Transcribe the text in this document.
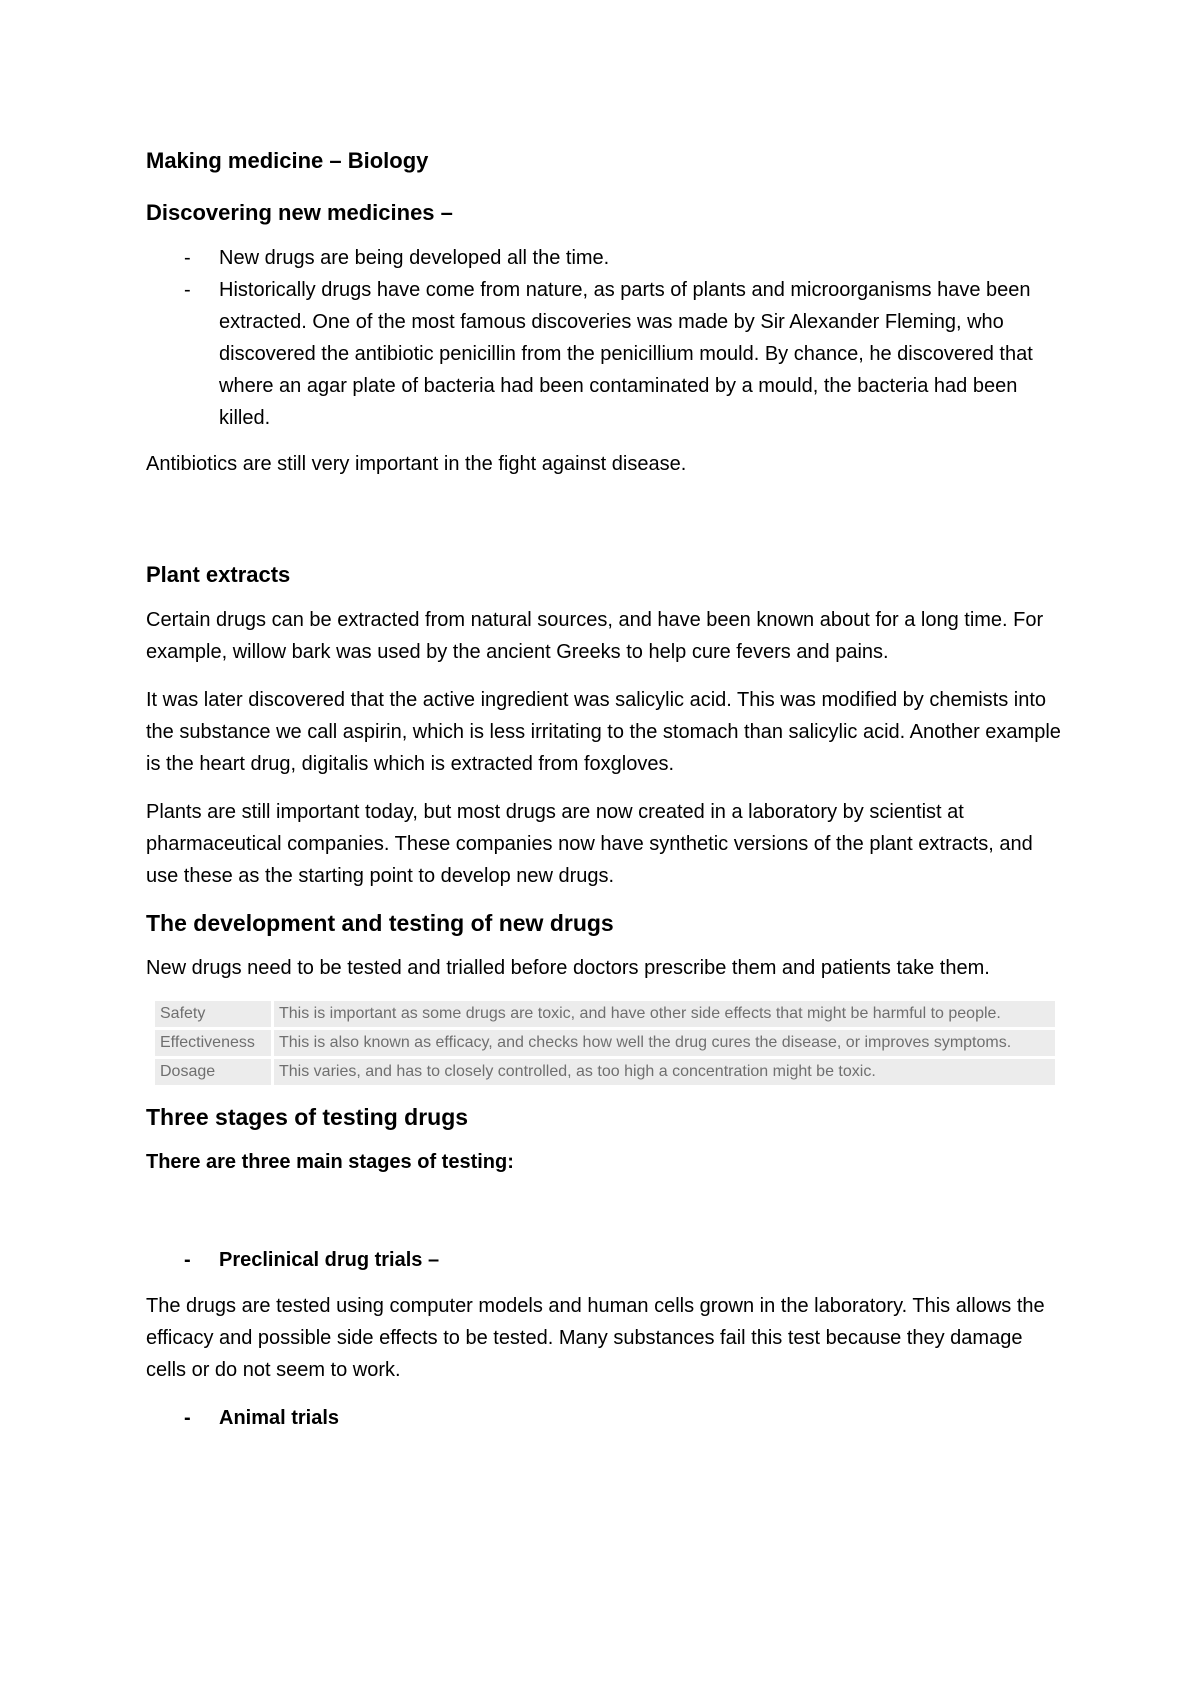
Making medicine – Biology
Discovering new medicines –
- New drugs are being developed all the time.
- Historically drugs have come from nature, as parts of plants and microorganisms have been extracted. One of the most famous discoveries was made by Sir Alexander Fleming, who discovered the antibiotic penicillin from the penicillium mould. By chance, he discovered that where an agar plate of bacteria had been contaminated by a mould, the bacteria had been killed.
Antibiotics are still very important in the fight against disease.
Plant extracts
Certain drugs can be extracted from natural sources, and have been known about for a long time. For example, willow bark was used by the ancient Greeks to help cure fevers and pains.
It was later discovered that the active ingredient was salicylic acid. This was modified by chemists into the substance we call aspirin, which is less irritating to the stomach than salicylic acid. Another example is the heart drug, digitalis which is extracted from foxgloves.
Plants are still important today, but most drugs are now created in a laboratory by scientist at pharmaceutical companies. These companies now have synthetic versions of the plant extracts, and use these as the starting point to develop new drugs.
The development and testing of new drugs
New drugs need to be tested and trialled before doctors prescribe them and patients take them.
Safety	This is important as some drugs are toxic, and have other side effects that might be harmful to people.
Effectiveness	This is also known as efficacy, and checks how well the drug cures the disease, or improves symptoms.
Dosage	This varies, and has to closely controlled, as too high a concentration might be toxic.
Three stages of testing drugs
There are three main stages of testing:
- Preclinical drug trials –
The drugs are tested using computer models and human cells grown in the laboratory. This allows the efficacy and possible side effects to be tested. Many substances fail this test because they damage cells or do not seem to work.
- Animal trials
